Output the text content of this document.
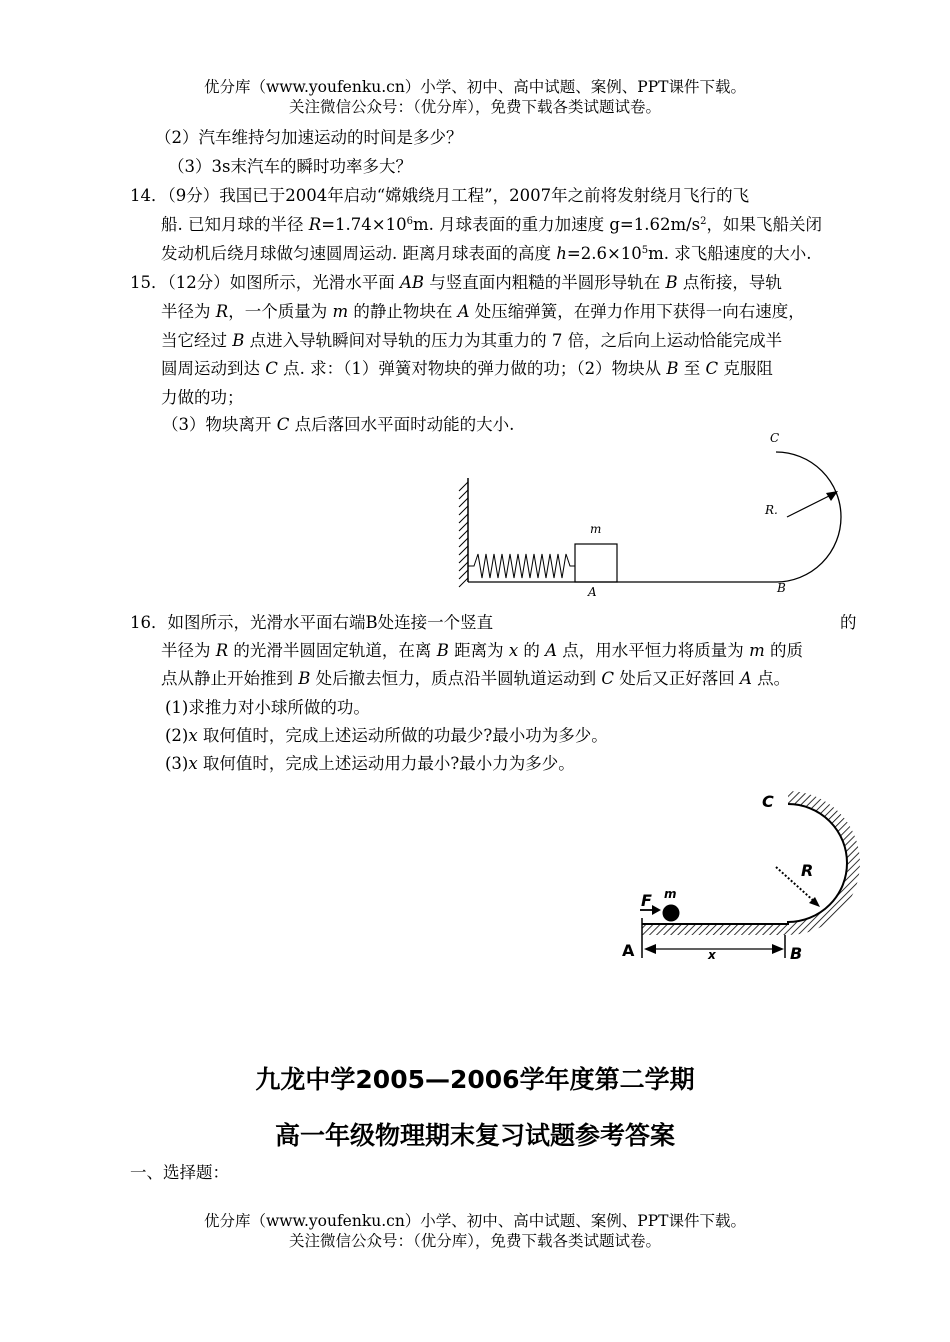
优分库（www.youfenku.cn）小学、初中、高中试题、案例、PPT课件下载。
关注微信公众号：（优分库），免费下载各类试题试卷。
（2）汽车维持匀加速运动的时间是多少？
（3）3s末汽车的瞬时功率多大？
14．（9分）我国已于2004年启动“嫦娥绕月工程”，2007年之前将发射绕月飞行的飞
船. 已知月球的半径 $R=1.74\times 10^6m$. 月球表面的重力加速度 $g=1.62m/s^2$，如果飞船关闭
发动机后绕月球做匀速圆周运动. 距离月球表面的高度 $h=2.6\times 10^5m$. 求飞船速度的大小.
15．（12分）如图所示，光滑水平面 AB 与竖直面内粗糙的半圆形导轨在 B 点衔接，导轨
半径为 R，一个质量为 m 的静止物块在 A 处压缩弹簧，在弹力作用下获得一向右速度，
当它经过 B 点进入导轨瞬间对导轨的压力为其重力的 7 倍，之后向上运动恰能完成半
圆周运动到达 C 点. 求：（1）弹簧对物块的弹力做的功；（2）物块从 B 至 C 克服阻
力做的功；
（3）物块离开 C 点后落回水平面时动能的大小.
C
R.
m
A	B
16．如图所示，光滑水平面右端B处连接一个竖直	的
半径为 R 的光滑半圆固定轨道，在离 B 距离为 x 的 A 点，用水平恒力将质量为 m 的质
点从静止开始推到 B 处后撤去恒力，质点沿半圆轨道运动到 C 处后又正好落回 A 点。
(1)求推力对小球所做的功。
(2)x 取何值时，完成上述运动所做的功最少?最小功为多少。
(3)x 取何值时，完成上述运动用力最小?最小力为多少。
C
R
F m
A	x	B
九龙中学2005—2006学年度第二学期
高一年级物理期末复习试题参考答案
一、选择题：
优分库（www.youfenku.cn）小学、初中、高中试题、案例、PPT课件下载。
关注微信公众号：（优分库），免费下载各类试题试卷。
